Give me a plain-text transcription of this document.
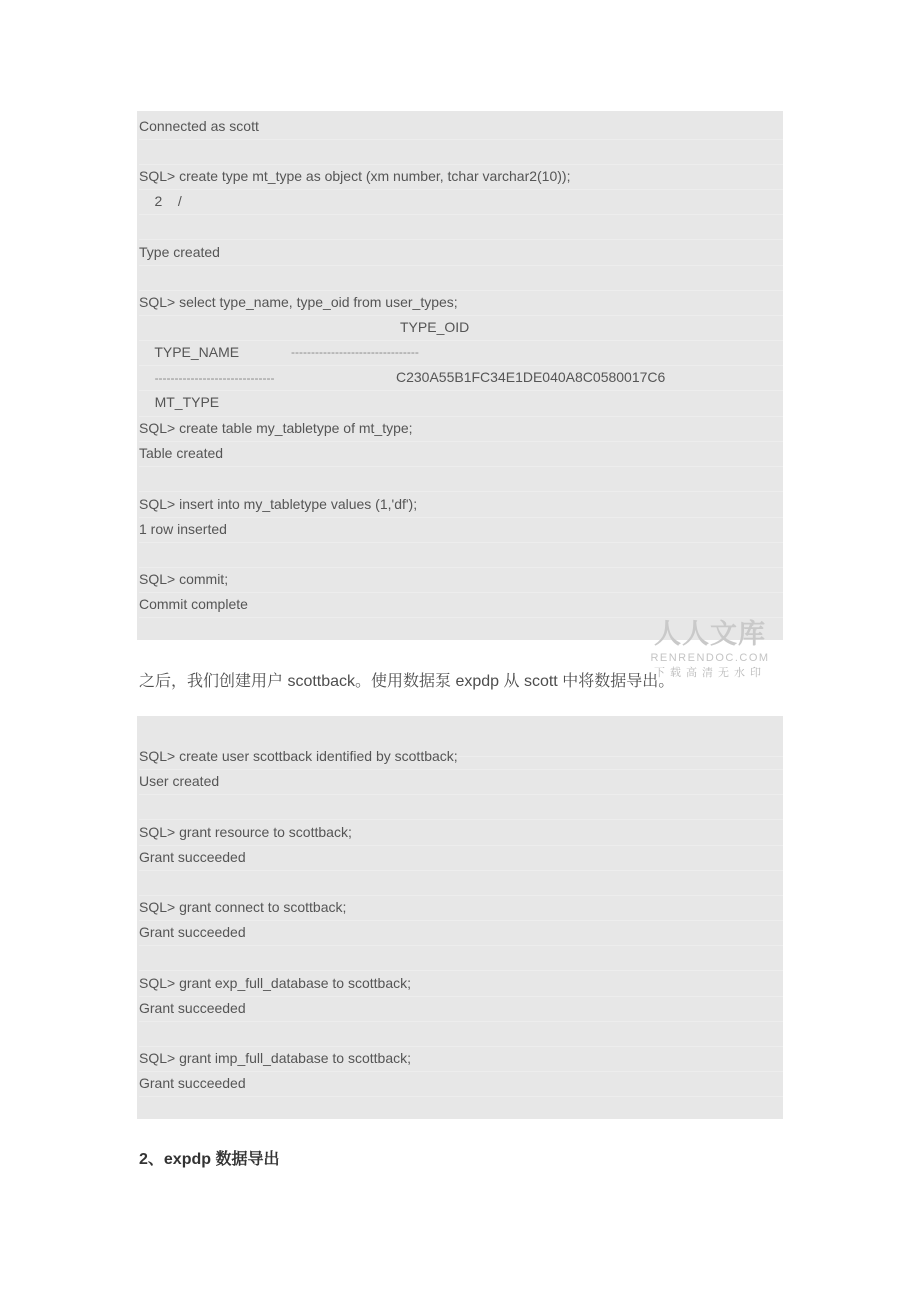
Connected as scott
SQL> create type mt_type as object (xm number, tchar varchar2(10));
2    /
Type created
SQL> select type_name, type_oid from user_types;

TYPE_NAME

TYPE_OID

------------------------------

--------------------------------

MT_TYPE

C230A55B1FC34E1DE040A8C0580017C6

SQL> create table my_tabletype of mt_type;
Table created
SQL> insert into my_tabletype values (1,'df');
1 row inserted
SQL> commit;
Commit complete
人人文库
RENRENDOC.COM
下载高清无水印
之后，我们创建用户 scottback。使用数据泵 expdp 从 scott 中将数据导出。
SQL> create user scottback identified by scottback;
User created
SQL> grant resource to scottback;
Grant succeeded
SQL> grant connect to scottback;
Grant succeeded
SQL> grant exp_full_database to scottback;
Grant succeeded
SQL> grant imp_full_database to scottback;
Grant succeeded
2、expdp 数据导出
